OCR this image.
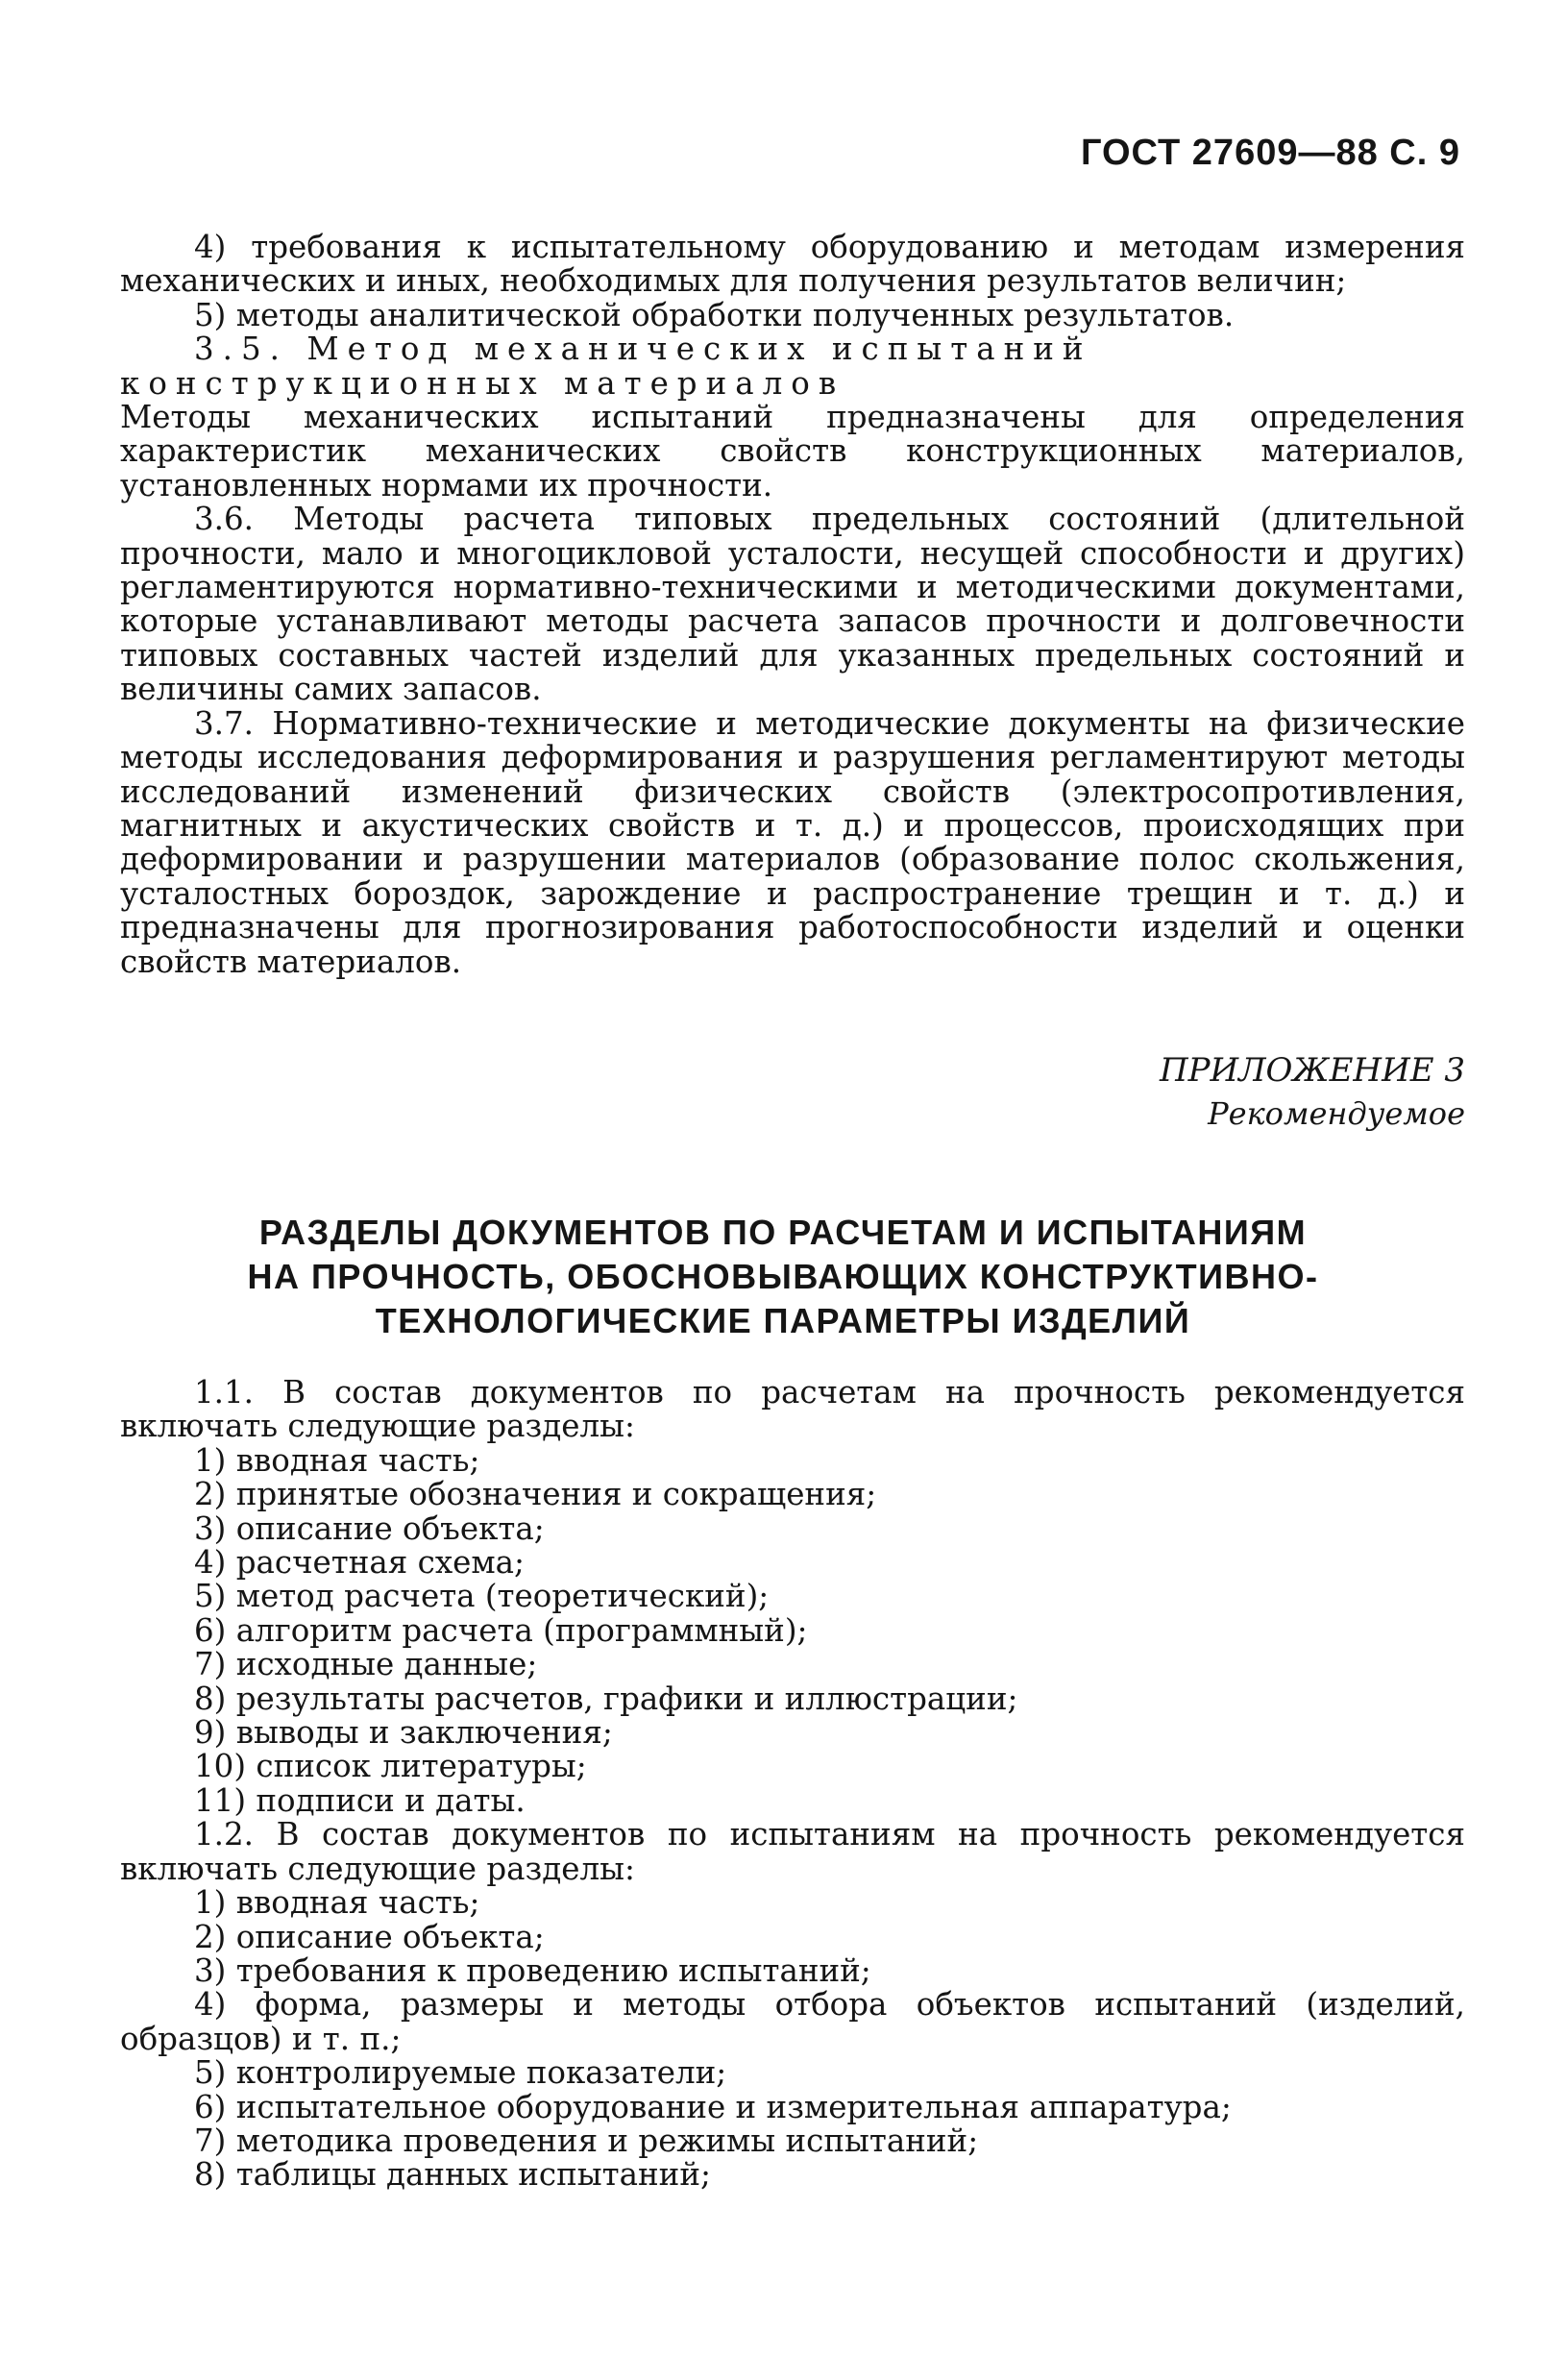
ГОСТ 27609—88 С. 9

4) требования к испытательному оборудованию и методам измерения механических и иных, необходимых для получения результатов величин;

5) методы аналитической обработки полученных результатов.

3.5. Метод механических испытаний конструкционных материалов

Методы механических испытаний предназначены для определения характеристик механических свойств конструкционных материалов, установленных нормами их прочности.

3.6. Методы расчета типовых предельных состояний (длительной прочности, мало и многоцикловой усталости, несущей способности и других) регламентируются нормативно-техническими и методическими документами, которые устанавливают методы расчета запасов прочности и долговечности типовых составных частей изделий для указанных предельных состояний и величины самих запасов.

3.7. Нормативно-технические и методические документы на физические методы исследования деформирования и разрушения регламентируют методы исследований изменений физических свойств (электросопротивления, магнитных и акустических свойств и т. д.) и процессов, происходящих при деформировании и разрушении материалов (образование полос скольжения, усталостных бороздок, зарождение и распространение трещин и т. д.) и предназначены для прогнозирования работоспособности изделий и оценки свойств материалов.

ПРИЛОЖЕНИЕ 3
Рекомендуемое
РАЗДЕЛЫ ДОКУМЕНТОВ ПО РАСЧЕТАМ И ИСПЫТАНИЯМ
НА ПРОЧНОСТЬ, ОБОСНОВЫВАЮЩИХ КОНСТРУКТИВНО-
ТЕХНОЛОГИЧЕСКИЕ ПАРАМЕТРЫ ИЗДЕЛИЙ

1.1. В состав документов по расчетам на прочность рекомендуется включать следующие разделы:

1) вводная часть;

2) принятые обозначения и сокращения;

3) описание объекта;

4) расчетная схема;

5) метод расчета (теоретический);

6) алгоритм расчета (программный);

7) исходные данные;

8) результаты расчетов, графики и иллюстрации;

9) выводы и заключения;

10) список литературы;

11) подписи и даты.

1.2. В состав документов по испытаниям на прочность рекомендуется включать следующие разделы:

1) вводная часть;

2) описание объекта;

3) требования к проведению испытаний;

4) форма, размеры и методы отбора объектов испытаний (изделий, образцов) и т. п.;

5) контролируемые показатели;

6) испытательное оборудование и измерительная аппаратура;

7) методика проведения и режимы испытаний;

8) таблицы данных испытаний;
